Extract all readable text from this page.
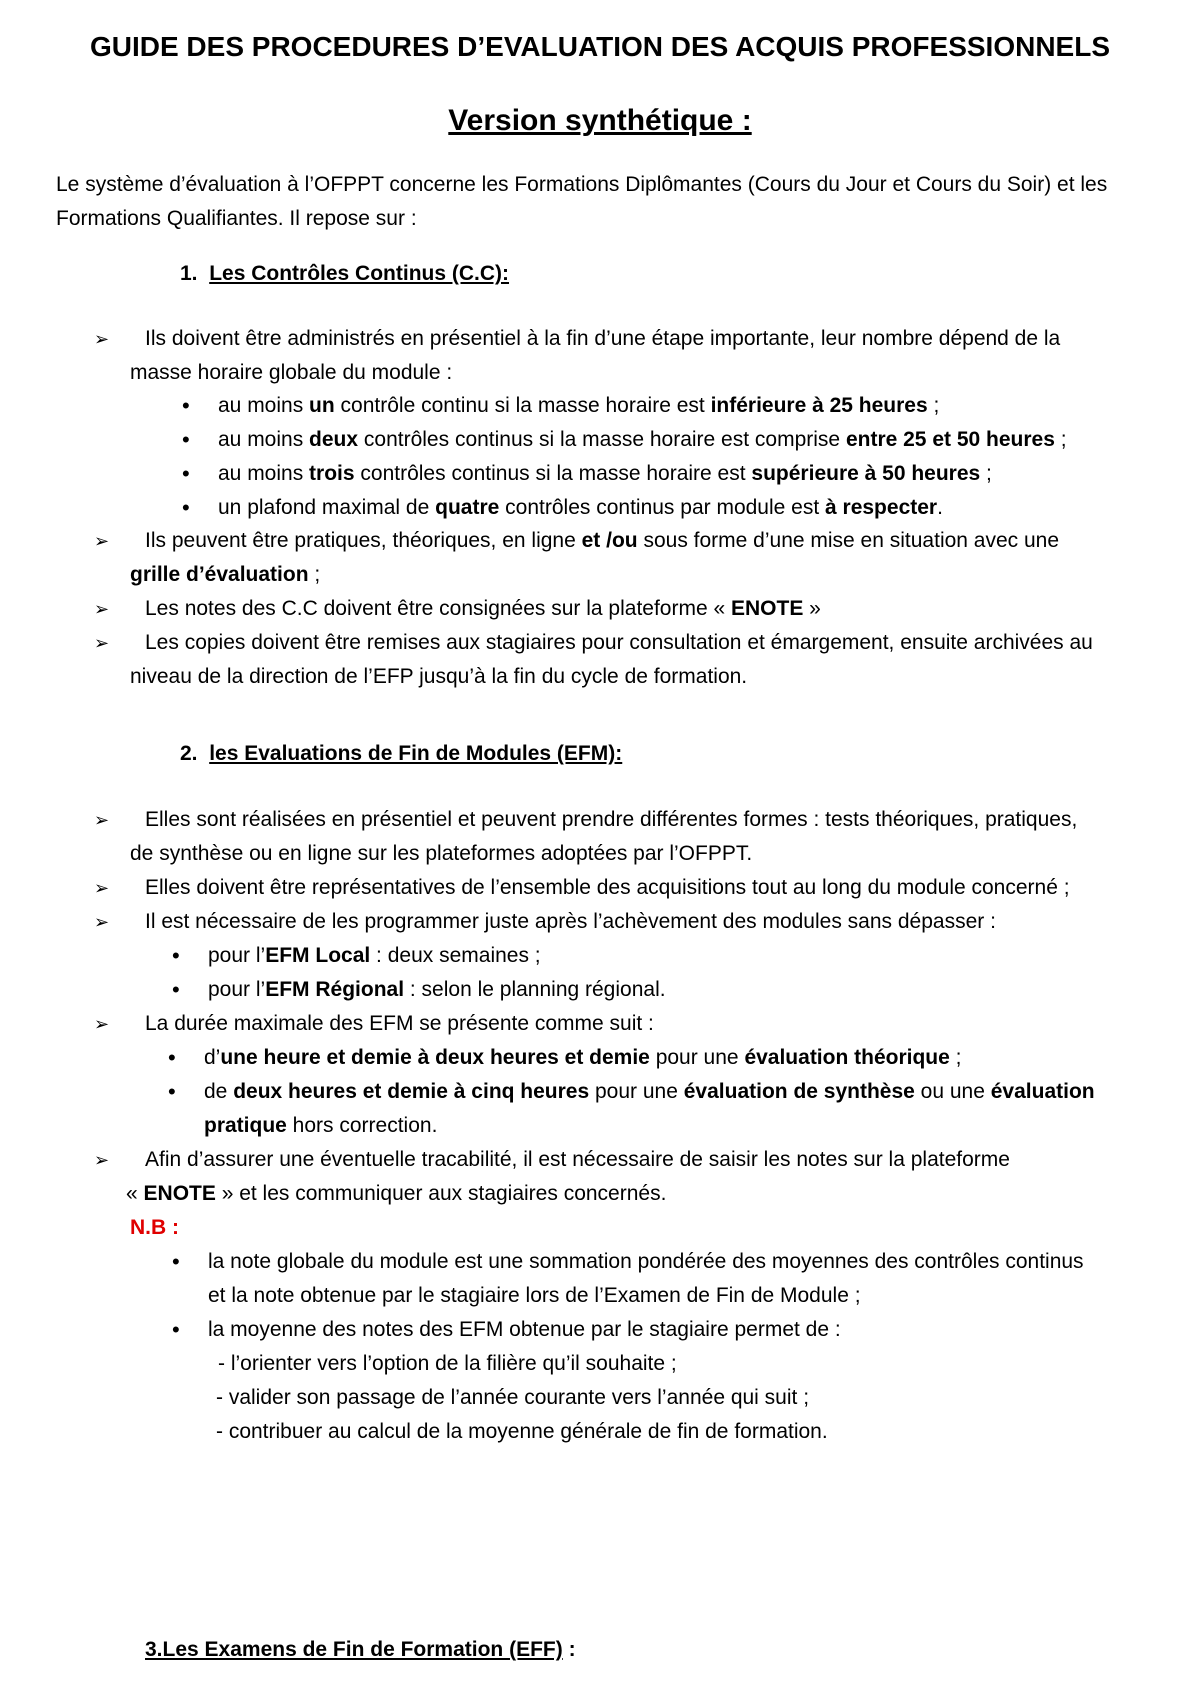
GUIDE DES PROCEDURES D’EVALUATION DES ACQUIS PROFESSIONNELS
Version synthétique :
Le système d’évaluation à l’OFPPT concerne les Formations Diplômantes (Cours du Jour et Cours du Soir) et les
Formations Qualifiantes. Il repose sur :
1. Les Contrôles Continus (C.C):
➢	Ils doivent être administrés en présentiel à la fin d’une étape importante, leur nombre dépend de la
masse horaire globale du module :
• au moins un contrôle continu si la masse horaire est inférieure à 25 heures ;
• au moins deux contrôles continus si la masse horaire est comprise entre 25 et 50 heures ;
• au moins trois contrôles continus si la masse horaire est supérieure à 50 heures ;
• un plafond maximal de quatre contrôles continus par module est à respecter.
➢	Ils peuvent être pratiques, théoriques, en ligne et /ou sous forme d’une mise en situation avec une
grille d’évaluation ;
➢	Les notes des C.C doivent être consignées sur la plateforme « ENOTE »
➢	Les copies doivent être remises aux stagiaires pour consultation et émargement, ensuite archivées au
niveau de la direction de l’EFP jusqu’à la fin du cycle de formation.
2. les Evaluations de Fin de Modules (EFM):
➢	Elles sont réalisées en présentiel et peuvent prendre différentes formes : tests théoriques, pratiques,
de synthèse ou en ligne sur les plateformes adoptées par l’OFPPT.
➢	Elles doivent être représentatives de l’ensemble des acquisitions tout au long du module concerné ;
➢	Il est nécessaire de les programmer juste après l’achèvement des modules sans dépasser :
• pour l’EFM Local : deux semaines ;
• pour l’EFM Régional : selon le planning régional.
➢	La durée maximale des EFM se présente comme suit :
• d’une heure et demie à deux heures et demie pour une évaluation théorique ;
• de deux heures et demie à cinq heures pour une évaluation de synthèse ou une évaluation
pratique hors correction.
➢	Afin d’assurer une éventuelle tracabilité, il est nécessaire de saisir les notes sur la plateforme
« ENOTE » et les communiquer aux stagiaires concernés.
N.B :
• la note globale du module est une sommation pondérée des moyennes des contrôles continus
et la note obtenue par le stagiaire lors de l’Examen de Fin de Module ;
• la moyenne des notes des EFM obtenue par le stagiaire permet de :
- l’orienter vers l’option de la filière qu’il souhaite ;
- valider son passage de l’année courante vers l’année qui suit ;
- contribuer au calcul de la moyenne générale de fin de formation.
3.Les Examens de Fin de Formation (EFF) :
